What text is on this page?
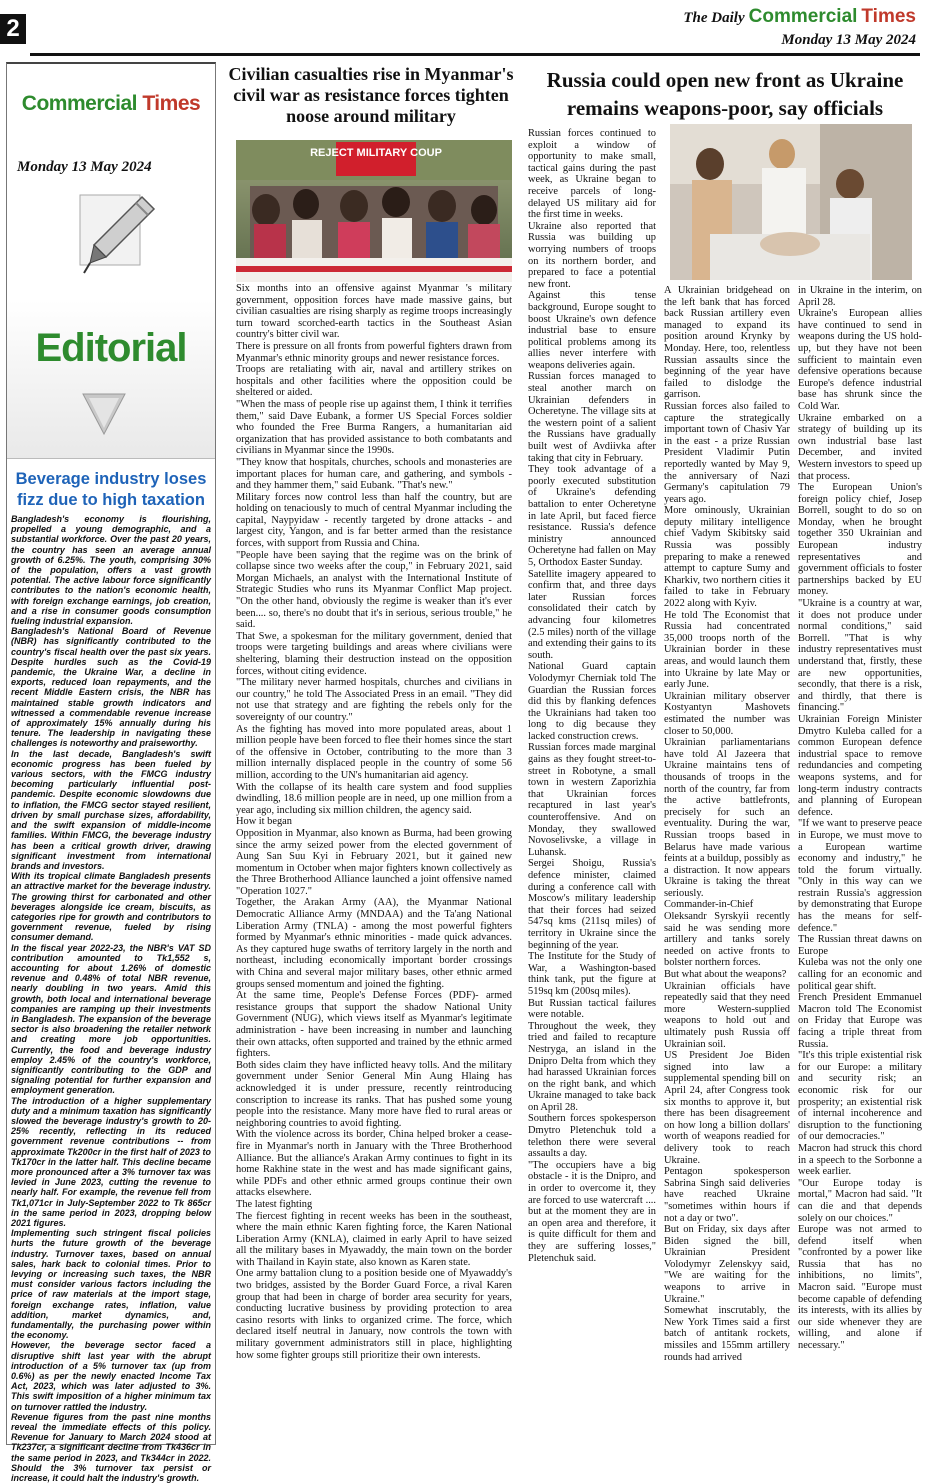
2	The Daily Commercial Times
Monday 13 May 2024
Commercial Times
Monday 13 May 2024
Editorial
Beverage industry loses fizz due to high taxation

Bangladesh's economy is flourishing, propelled a young demographic, and a substantial workforce. Over the past 20 years, the country has seen an average annual growth of 6.25%. The youth, comprising 30% of the population, offers a vast growth potential. The active labour force significantly contributes to the nation's economic health, with foreign exchange earnings, job creation, and a rise in consumer goods consumption fueling industrial expansion.

Bangladesh's National Board of Revenue (NBR) has significantly contributed to the country's fiscal health over the past six years. Despite hurdles such as the Covid-19 pandemic, the Ukraine War, a decline in exports, reduced loan repayments, and the recent Middle Eastern crisis, the NBR has maintained stable growth indicators and witnessed a commendable revenue increase of approximately 15% annually during his tenure. The leadership in navigating these challenges is noteworthy and praiseworthy.

In the last decade, Bangladesh's swift economic progress has been fueled by various sectors, with the FMCG industry becoming particularly influential post-pandemic. Despite economic slowdowns due to inflation, the FMCG sector stayed resilient, driven by small purchase sizes, affordability, and the swift expansion of middle-income families. Within FMCG, the beverage industry has been a critical growth driver, drawing significant investment from international brands and investors.

With its tropical climate Bangladesh presents an attractive market for the beverage industry. The growing thirst for carbonated and other beverages alongside ice cream, biscuits, as categories ripe for growth and contributors to government revenue, fueled by rising consumer demand.

In the fiscal year 2022-23, the NBR's VAT SD contribution amounted to Tk1,552 s, accounting for about 1.26% of domestic revenue and 0.48% of total NBR revenue, nearly doubling in two years. Amid this growth, both local and international beverage companies are ramping up their investments in Bangladesh. The expansion of the beverage sector is also broadening the retailer network and creating more job opportunities. Currently, the food and beverage industry employ 2.45% of the country's workforce, significantly contributing to the GDP and signaling potential for further expansion and employment generation.

The introduction of a higher supplementary duty and a minimum taxation has significantly slowed the beverage industry's growth to 20-25% recently, reflecting in its reduced government revenue contributions -- from approximate Tk200cr in the first half of 2023 to Tk170cr in the latter half. This decline became more pronounced after a 3% turnover tax was levied in June 2023, cutting the revenue to nearly half. For example, the revenue fell from Tk1,071cr in July-September 2022 to Tk 865cr in the same period in 2023, dropping below 2021 figures.

Implementing such stringent fiscal policies hurts the future growth of the beverage industry. Turnover taxes, based on annual sales, hark back to colonial times. Prior to levying or increasing such taxes, the NBR must consider various factors including the price of raw materials at the import stage, foreign exchange rates, inflation, value addition, market dynamics, and, fundamentally, the purchasing power within the economy.

However, the beverage sector faced a disruptive shift last year with the abrupt introduction of a 5% turnover tax (up from 0.6%) as per the newly enacted Income Tax Act, 2023, which was later adjusted to 3%. This swift imposition of a higher minimum tax on turnover rattled the industry.

Revenue figures from the past nine months reveal the immediate effects of this policy. Revenue for January to March 2024 stood at Tk237cr, a significant decline from Tk436cr in the same period in 2023, and Tk344cr in 2022. Should the 3% turnover tax persist or increase, it could halt the industry's growth.

Civilian casualties rise in Myanmar's civil war as resistance forces tighten noose around military
REJECT MILITARY COUP

Six months into an offensive against Myanmar 's military government, opposition forces have made massive gains, but civilian casualties are rising sharply as regime troops increasingly turn toward scorched-earth tactics in the Southeast Asian country's bitter civil war.

There is pressure on all fronts from powerful fighters drawn from Myanmar's ethnic minority groups and newer resistance forces.

Troops are retaliating with air, naval and artillery strikes on hospitals and other facilities where the opposition could be sheltered or aided.

"When the mass of people rise up against them, I think it terrifies them," said Dave Eubank, a former US Special Forces soldier who founded the Free Burma Rangers, a humanitarian aid organization that has provided assistance to both combatants and civilians in Myanmar since the 1990s.

"They know that hospitals, churches, schools and monasteries are important places for human care, and gathering, and symbols - and they hammer them," said Eubank. "That's new."

Military forces now control less than half the country, but are holding on tenaciously to much of central Myanmar including the capital, Naypyidaw - recently targeted by drone attacks - and largest city, Yangon, and is far better armed than the resistance forces, with support from Russia and China.

"People have been saying that the regime was on the brink of collapse since two weeks after the coup," in February 2021, said Morgan Michaels, an analyst with the International Institute of Strategic Studies who runs its Myanmar Conflict Map project. "On the other hand, obviously the regime is weaker than it's ever been.... so, there's no doubt that it's in serious, serious trouble," he said.

That Swe, a spokesman for the military government, denied that troops were targeting buildings and areas where civilians were sheltering, blaming their destruction instead on the opposition forces, without citing evidence.

"The military never harmed hospitals, churches and civilians in our country," he told The Associated Press in an email. "They did not use that strategy and are fighting the rebels only for the sovereignty of our country."

As the fighting has moved into more populated areas, about 1 million people have been forced to flee their homes since the start of the offensive in October, contributing to the more than 3 million internally displaced people in the country of some 56 million, according to the UN's humanitarian aid agency.

With the collapse of its health care system and food supplies dwindling, 18.6 million people are in need, up one million from a year ago, including six million children, the agency said.

How it began

Opposition in Myanmar, also known as Burma, had been growing since the army seized power from the elected government of Aung San Suu Kyi in February 2021, but it gained new momentum in October when major fighters known collectively as the Three Brotherhood Alliance launched a joint offensive named "Operation 1027."

Together, the Arakan Army (AA), the Myanmar National Democratic Alliance Army (MNDAA) and the Ta'ang National Liberation Army (TNLA) - among the most powerful fighters formed by Myanmar's ethnic minorities - made quick advances. As they captured huge swaths of territory largely in the north and northeast, including economically important border crossings with China and several major military bases, other ethnic armed groups sensed momentum and joined the fighting.

At the same time, People's Defense Forces (PDF)- armed resistance groups that support the shadow National Unity Government (NUG), which views itself as Myanmar's legitimate administration - have been increasing in number and launching their own attacks, often supported and trained by the ethnic armed fighters.

Both sides claim they have inflicted heavy tolls. And the military government under Senior General Min Aung Hlaing has acknowledged it is under pressure, recently reintroducing conscription to increase its ranks. That has pushed some young people into the resistance. Many more have fled to rural areas or neighboring countries to avoid fighting.

With the violence across its border, China helped broker a cease-fire in Myanmar's north in January with the Three Brotherhood Alliance. But the alliance's Arakan Army continues to fight in its home Rakhine state in the west and has made significant gains, while PDFs and other ethnic armed groups continue their own attacks elsewhere.

The latest fighting

The fiercest fighting in recent weeks has been in the southeast, where the main ethnic Karen fighting force, the Karen National Liberation Army (KNLA), claimed in early April to have seized all the military bases in Myawaddy, the main town on the border with Thailand in Kayin state, also known as Karen state.

One army battalion clung to a position beside one of Myawaddy's two bridges, assisted by the Border Guard Force, a rival Karen group that had been in charge of border area security for years, conducting lucrative business by providing protection to area casino resorts with links to organized crime. The force, which declared itself neutral in January, now controls the town with military government administrators still in place, highlighting how some fighter groups still prioritize their own interests.

Russia could open new front as Ukraine remains weapons-poor, say officials

Russian forces continued to exploit a window of opportunity to make small, tactical gains during the past week, as Ukraine began to receive parcels of long-delayed US military aid for the first time in weeks.

Ukraine also reported that Russia was building up worrying numbers of troops on its northern border, and prepared to face a potential new front.

Against this tense background, Europe sought to boost Ukraine's own defence industrial base to ensure political problems among its allies never interfere with weapons deliveries again.

Russian forces managed to steal another march on Ukrainian defenders in Ocheretyne. The village sits at the western point of a salient the Russians have gradually built west of Avdiivka after taking that city in February.

They took advantage of a poorly executed substitution of Ukraine's defending battalion to enter Ocheretyne in late April, but faced fierce resistance. Russia's defence ministry announced Ocheretyne had fallen on May 5, Orthodox Easter Sunday.

Satellite imagery appeared to confirm that, and three days later Russian forces consolidated their catch by advancing four kilometres (2.5 miles) north of the village and extending their gains to its south.

National Guard captain Volodymyr Cherniak told The Guardian the Russian forces did this by flanking defences the Ukrainians had taken too long to dig because they lacked construction crews.

Russian forces made marginal gains as they fought street-to-street in Robotyne, a small town in western Zaporizhia that Ukrainian forces recaptured in last year's counteroffensive. And on Monday, they swallowed Novoselivske, a village in Luhansk.

Sergei Shoigu, Russia's defence minister, claimed during a conference call with Moscow's military leadership that their forces had seized 547sq kms (211sq miles) of territory in Ukraine since the beginning of the year.

The Institute for the Study of War, a Washington-based think tank, put the figure at 519sq km (200sq miles).

But Russian tactical failures were notable.

Throughout the week, they tried and failed to recapture Nestryga, an island in the Dnipro Delta from which they had harassed Ukrainian forces on the right bank, and which Ukraine managed to take back on April 28.

Southern forces spokesperson Dmytro Pletenchuk told a telethon there were several assaults a day.

"The occupiers have a big obstacle - it is the Dnipro, and in order to overcome it, they are forced to use watercraft .... but at the moment they are in an open area and therefore, it is quite difficult for them and they are suffering losses," Pletenchuk said.

A Ukrainian bridgehead on the left bank that has forced back Russian artillery even managed to expand its position around Krynky by Monday. Here, too, relentless Russian assaults since the beginning of the year have failed to dislodge the garrison.

Russian forces also failed to capture the strategically important town of Chasiv Yar in the east - a prize Russian President Vladimir Putin reportedly wanted by May 9, the anniversary of Nazi Germany's capitulation 79 years ago.

More ominously, Ukrainian deputy military intelligence chief Vadym Skibitsky said Russia was possibly preparing to make a renewed attempt to capture Sumy and Kharkiv, two northern cities it failed to take in February 2022 along with Kyiv.

He told The Economist that Russia had concentrated 35,000 troops north of the Ukrainian border in these areas, and would launch them into Ukraine by late May or early June.

Ukrainian military observer Kostyantyn Mashovets estimated the number was closer to 50,000.

Ukrainian parliamentarians have told Al Jazeera that Ukraine maintains tens of thousands of troops in the north of the country, far from the active battlefronts, precisely for such an eventuality. During the war, Russian troops based in Belarus have made various feints at a buildup, possibly as a distraction. It now appears Ukraine is taking the threat seriously.

Commander-in-Chief Oleksandr Syrskyii recently said he was sending more artillery and tanks sorely needed on active fronts to bolster northern forces.

But what about the weapons?

Ukrainian officials have repeatedly said that they need more Western-supplied weapons to hold out and ultimately push Russia off Ukrainian soil.

US President Joe Biden signed into law a supplemental spending bill on April 24, after Congress took six months to approve it, but there has been disagreement on how long a billion dollars' worth of weapons readied for delivery took to reach Ukraine.

Pentagon spokesperson Sabrina Singh said deliveries have reached Ukraine "sometimes within hours if not a day or two".

But on Friday, six days after Biden signed the bill, Ukrainian President Volodymyr Zelenskyy said, "We are waiting for the weapons to arrive in Ukraine."

Somewhat inscrutably, the New York Times said a first batch of antitank rockets, missiles and 155mm artillery rounds had arrived

in Ukraine in the interim, on April 28.

Ukraine's European allies have continued to send in weapons during the US hold-up, but they have not been sufficient to maintain even defensive operations because Europe's defence industrial base has shrunk since the Cold War.

Ukraine embarked on a strategy of building up its own industrial base last December, and invited Western investors to speed up that process.

The European Union's foreign policy chief, Josep Borrell, sought to do so on Monday, when he brought together 350 Ukrainian and European industry representatives and government officials to foster partnerships backed by EU money.

"Ukraine is a country at war, it does not produce under normal conditions," said Borrell. "That is why industry representatives must understand that, firstly, these are new opportunities, secondly, that there is a risk, and thirdly, that there is financing."

Ukrainian Foreign Minister Dmytro Kuleba called for a common European defence industrial space to remove redundancies and competing weapons systems, and for long-term industry contracts and planning of European defence.

"If we want to preserve peace in Europe, we must move to a European wartime economy and industry," he told the forum virtually. "Only in this way can we restrain Russia's aggression by demonstrating that Europe has the means for self-defence."

The Russian threat dawns on Europe

Kuleba was not the only one calling for an economic and political gear shift.

French President Emmanuel Macron told The Economist on Friday that Europe was facing a triple threat from Russia.

"It's this triple existential risk for our Europe: a military and security risk; an economic risk for our prosperity; an existential risk of internal incoherence and disruption to the functioning of our democracies."

Macron had struck this chord in a speech to the Sorbonne a week earlier.

"Our Europe today is mortal," Macron had said. "It can die and that depends solely on our choices."

Europe was not armed to defend itself when "confronted by a power like Russia that has no inhibitions, no limits", Macron said. "Europe must become capable of defending its interests, with its allies by our side whenever they are willing, and alone if necessary."
